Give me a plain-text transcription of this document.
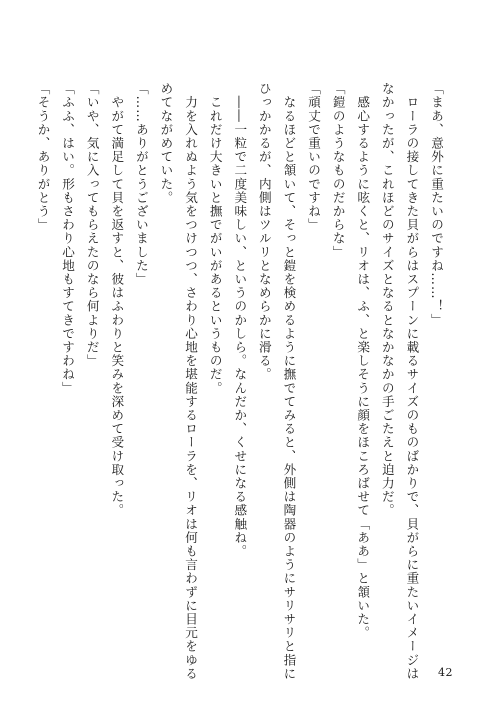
「まあ、意外に重たいのですね……！」
　ローラの接してきた貝がらはスプーンに載るサイズのものばかりで、貝がらに重たいイメージは
なかったが、これほどのサイズとなるとなかなかの手ごたえと迫力だ。
　感心するように呟くと、リオは、ふ、と楽しそうに顔をほころばせて「ああ」と頷いた。
「鎧のようなものだからな」
「頑丈で重いのですね」
　なるほどと頷いて、そっと鎧を検めるように撫でてみると、外側は陶器のようにサリサリと指に
ひっかかるが、内側はツルリとなめらかに滑る。
　――一粒で二度美味しい、というのかしら。なんだか、くせになる感触ね。
　これだけ大きいと撫でがいがあるというものだ。
　力を入れぬよう気をつけつつ、さわり心地を堪能するローラを、リオは何も言わずに目元をゆる
めてながめていた。
「……ありがとうございました」
　やがて満足して貝を返すと、彼はふわりと笑みを深めて受け取った。
「いや、気に入ってもらえたのなら何よりだ」
「ふふ、はい。形もさわり心地もすてきですわね」
「そうか、ありがとう」
42
